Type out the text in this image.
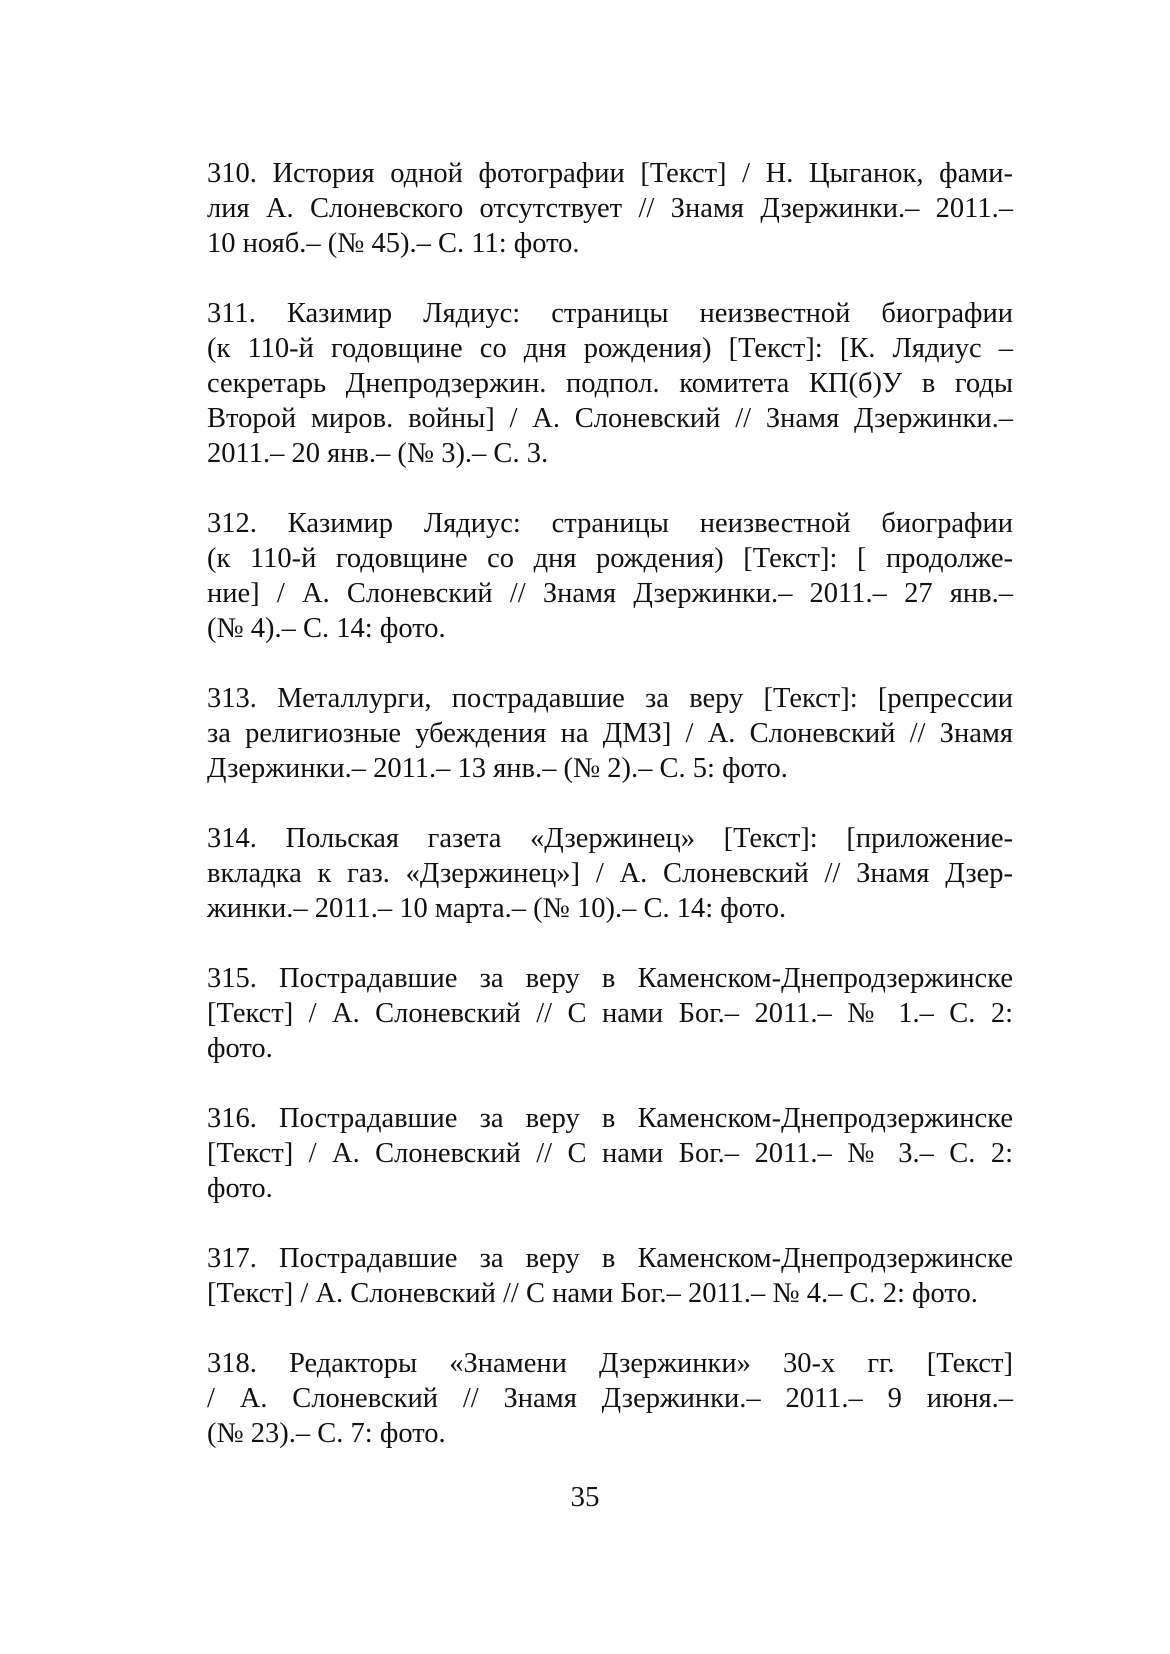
310. История одной фотографии [Текст] / Н. Цыганок, фами-
лия А. Слоневского отсутствует // Знамя Дзержинки.– 2011.–
10 нояб.– (№ 45).– С. 11: фото.

311. Казимир Лядиус: страницы неизвестной биографии
(к 110-й годовщине со дня рождения) [Текст]: [К. Лядиус –
секретарь Днепродзержин. подпол. комитета КП(б)У в годы
Второй миров. войны] / А. Слоневский // Знамя Дзержинки.–
2011.– 20 янв.– (№ 3).– С. 3.

312. Казимир Лядиус: страницы неизвестной биографии
(к 110-й годовщине со дня рождения) [Текст]: [ продолже-
ние] / А. Слоневский // Знамя Дзержинки.– 2011.– 27 янв.–
(№ 4).– С. 14: фото.

313. Металлурги, пострадавшие за веру [Текст]: [репрессии
за религиозные убеждения на ДМЗ] / А. Слоневский // Знамя
Дзержинки.– 2011.– 13 янв.– (№ 2).– С. 5: фото.

314. Польская газета «Дзержинец» [Текст]: [приложение-
вкладка к газ. «Дзержинец»] / А. Слоневский // Знамя Дзер-
жинки.– 2011.– 10 марта.– (№ 10).– С. 14: фото.

315. Пострадавшие за веру в Каменском-Днепродзержинске
[Текст] / А. Слоневский // С нами Бог.– 2011.– № 1.– С. 2:
фото.

316. Пострадавшие за веру в Каменском-Днепродзержинске
[Текст] / А. Слоневский // С нами Бог.– 2011.– № 3.– С. 2:
фото.

317. Пострадавшие за веру в Каменском-Днепродзержинске
[Текст] / А. Слоневский // С нами Бог.– 2011.– № 4.– С. 2: фото.

318. Редакторы «Знамени Дзержинки» 30-х гг. [Текст]
/ А. Слоневский // Знамя Дзержинки.– 2011.– 9 июня.–
(№ 23).– С. 7: фото.

35
